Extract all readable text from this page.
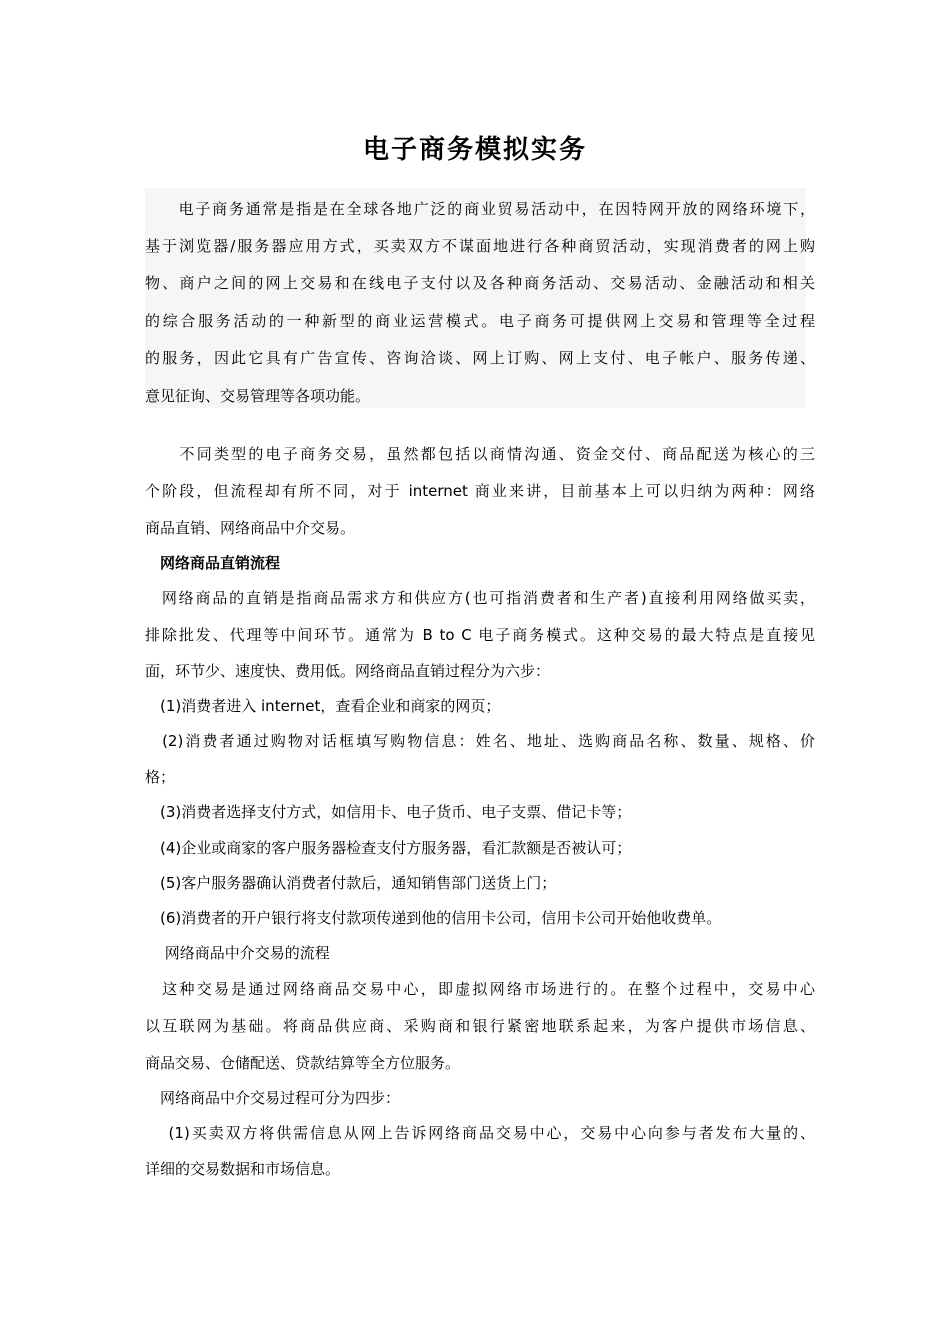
电子商务模拟实务
　　电子商务通常是指是在全球各地广泛的商业贸易活动中，在因特网开放的网络环境下，
基于浏览器/服务器应用方式，买卖双方不谋面地进行各种商贸活动，实现消费者的网上购
物、商户之间的网上交易和在线电子支付以及各种商务活动、交易活动、金融活动和相关
的综合服务活动的一种新型的商业运营模式。电子商务可提供网上交易和管理等全过程
的服务，因此它具有广告宣传、咨询洽谈、网上订购、网上支付、电子帐户、服务传递、
意见征询、交易管理等各项功能。
　　不同类型的电子商务交易，虽然都包括以商情沟通、资金交付、商品配送为核心的三
个阶段，但流程却有所不同，对于 internet 商业来讲，目前基本上可以归纳为两种：网络
商品直销、网络商品中介交易。
　网络商品直销流程
　网络商品的直销是指商品需求方和供应方(也可指消费者和生产者)直接利用网络做买卖，
排除批发、代理等中间环节。通常为 B to C 电子商务模式。这种交易的最大特点是直接见
面，环节少、速度快、费用低。网络商品直销过程分为六步：
　(1)消费者进入 internet，查看企业和商家的网页；
　(2)消费者通过购物对话框填写购物信息：姓名、地址、选购商品名称、数量、规格、价
格；
　(3)消费者选择支付方式，如信用卡、电子货币、电子支票、借记卡等；
　(4)企业或商家的客户服务器检查支付方服务器，看汇款额是否被认可；
　(5)客户服务器确认消费者付款后，通知销售部门送货上门；
　(6)消费者的开户银行将支付款项传递到他的信用卡公司，信用卡公司开始他收费单。
　 网络商品中介交易的流程
　这种交易是通过网络商品交易中心，即虚拟网络市场进行的。在整个过程中，交易中心
以互联网为基础。将商品供应商、采购商和银行紧密地联系起来，为客户提供市场信息、
商品交易、仓储配送、贷款结算等全方位服务。
　网络商品中介交易过程可分为四步：
　 (1)买卖双方将供需信息从网上告诉网络商品交易中心，交易中心向参与者发布大量的、
详细的交易数据和市场信息。
